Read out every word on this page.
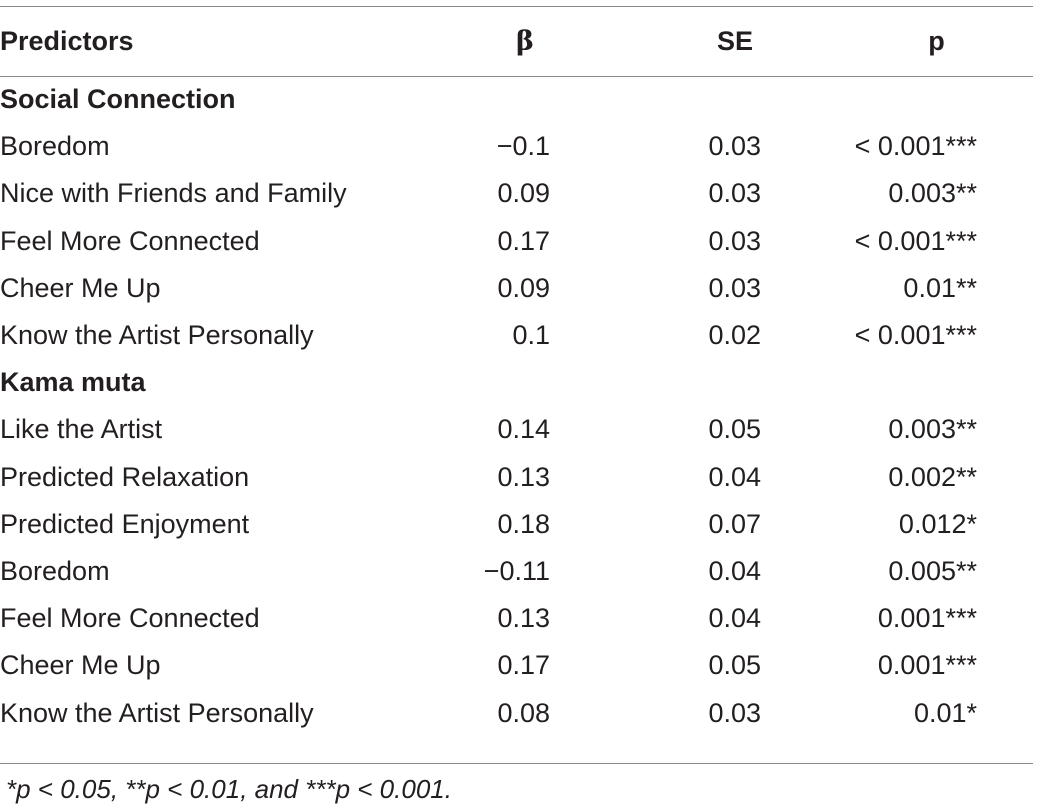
Predictors	β	SE	p
Social Connection			
Boredom	−0.1	0.03	< 0.001***
Nice with Friends and Family	0.09	0.03	0.003**
Feel More Connected	0.17	0.03	< 0.001***
Cheer Me Up	0.09	0.03	0.01**
Know the Artist Personally	0.1	0.02	< 0.001***
Kama muta			
Like the Artist	0.14	0.05	0.003**
Predicted Relaxation	0.13	0.04	0.002**
Predicted Enjoyment	0.18	0.07	0.012*
Boredom	−0.11	0.04	0.005**
Feel More Connected	0.13	0.04	0.001***
Cheer Me Up	0.17	0.05	0.001***
Know the Artist Personally	0.08	0.03	0.01*
*p < 0.05, **p < 0.01, and ***p < 0.001.
